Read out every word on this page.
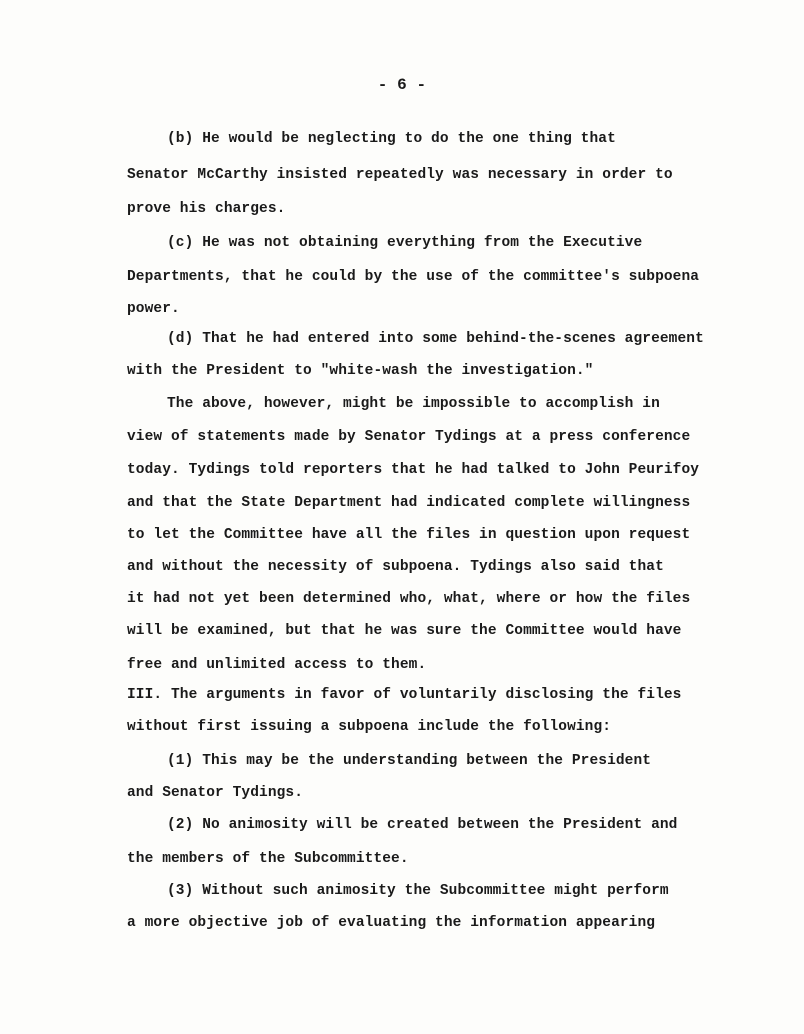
- 6 -
(b) He would be neglecting to do the one thing that
Senator McCarthy insisted repeatedly was necessary in order to
prove his charges.
(c) He was not obtaining everything from the Executive
Departments, that he could by the use of the committee's subpoena
power.
(d) That he had entered into some behind-the-scenes agreement
with the President to "white-wash the investigation."
The above, however, might be impossible to accomplish in
view of statements made by Senator Tydings at a press conference
today. Tydings told reporters that he had talked to John Peurifoy
and that the State Department had indicated complete willingness
to let the Committee have all the files in question upon request
and without the necessity of subpoena. Tydings also said that
it had not yet been determined who, what, where or how the files
will be examined, but that he was sure the Committee would have
free and unlimited access to them.
III. The arguments in favor of voluntarily disclosing the files
without first issuing a subpoena include the following:
(1) This may be the understanding between the President
and Senator Tydings.
(2) No animosity will be created between the President and
the members of the Subcommittee.
(3) Without such animosity the Subcommittee might perform
a more objective job of evaluating the information appearing
